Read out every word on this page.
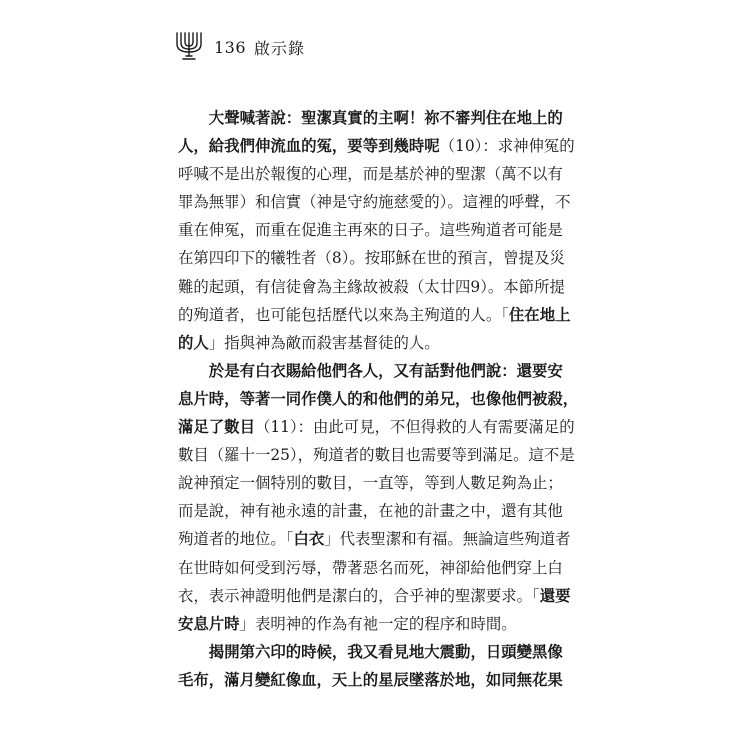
136 啟示錄
大聲喊著說：聖潔真實的主啊！祢不審判住在地上的
人，給我們伸流血的冤，要等到幾時呢（10）：求神伸冤的
呼喊不是出於報復的心理，而是基於神的聖潔（萬不以有
罪為無罪）和信實（神是守約施慈愛的）。這裡的呼聲，不
重在伸冤，而重在促進主再來的日子。這些殉道者可能是
在第四印下的犧牲者（8）。按耶穌在世的預言，曾提及災
難的起頭，有信徒會為主緣故被殺（太廿四9）。本節所提
的殉道者，也可能包括歷代以來為主殉道的人。「住在地上
的人」指與神為敵而殺害基督徒的人。
於是有白衣賜給他們各人，又有話對他們說：還要安
息片時，等著一同作僕人的和他們的弟兄，也像他們被殺，
滿足了數目（11）：由此可見，不但得救的人有需要滿足的
數目（羅十一25），殉道者的數目也需要等到滿足。這不是
說神預定一個特別的數目，一直等，等到人數足夠為止；
而是說，神有祂永遠的計畫，在祂的計畫之中，還有其他
殉道者的地位。「白衣」代表聖潔和有福。無論這些殉道者
在世時如何受到污辱，帶著惡名而死，神卻給他們穿上白
衣，表示神證明他們是潔白的，合乎神的聖潔要求。「還要
安息片時」表明神的作為有祂一定的程序和時間。
揭開第六印的時候，我又看見地大震動，日頭變黑像
毛布，滿月變紅像血，天上的星辰墜落於地，如同無花果
